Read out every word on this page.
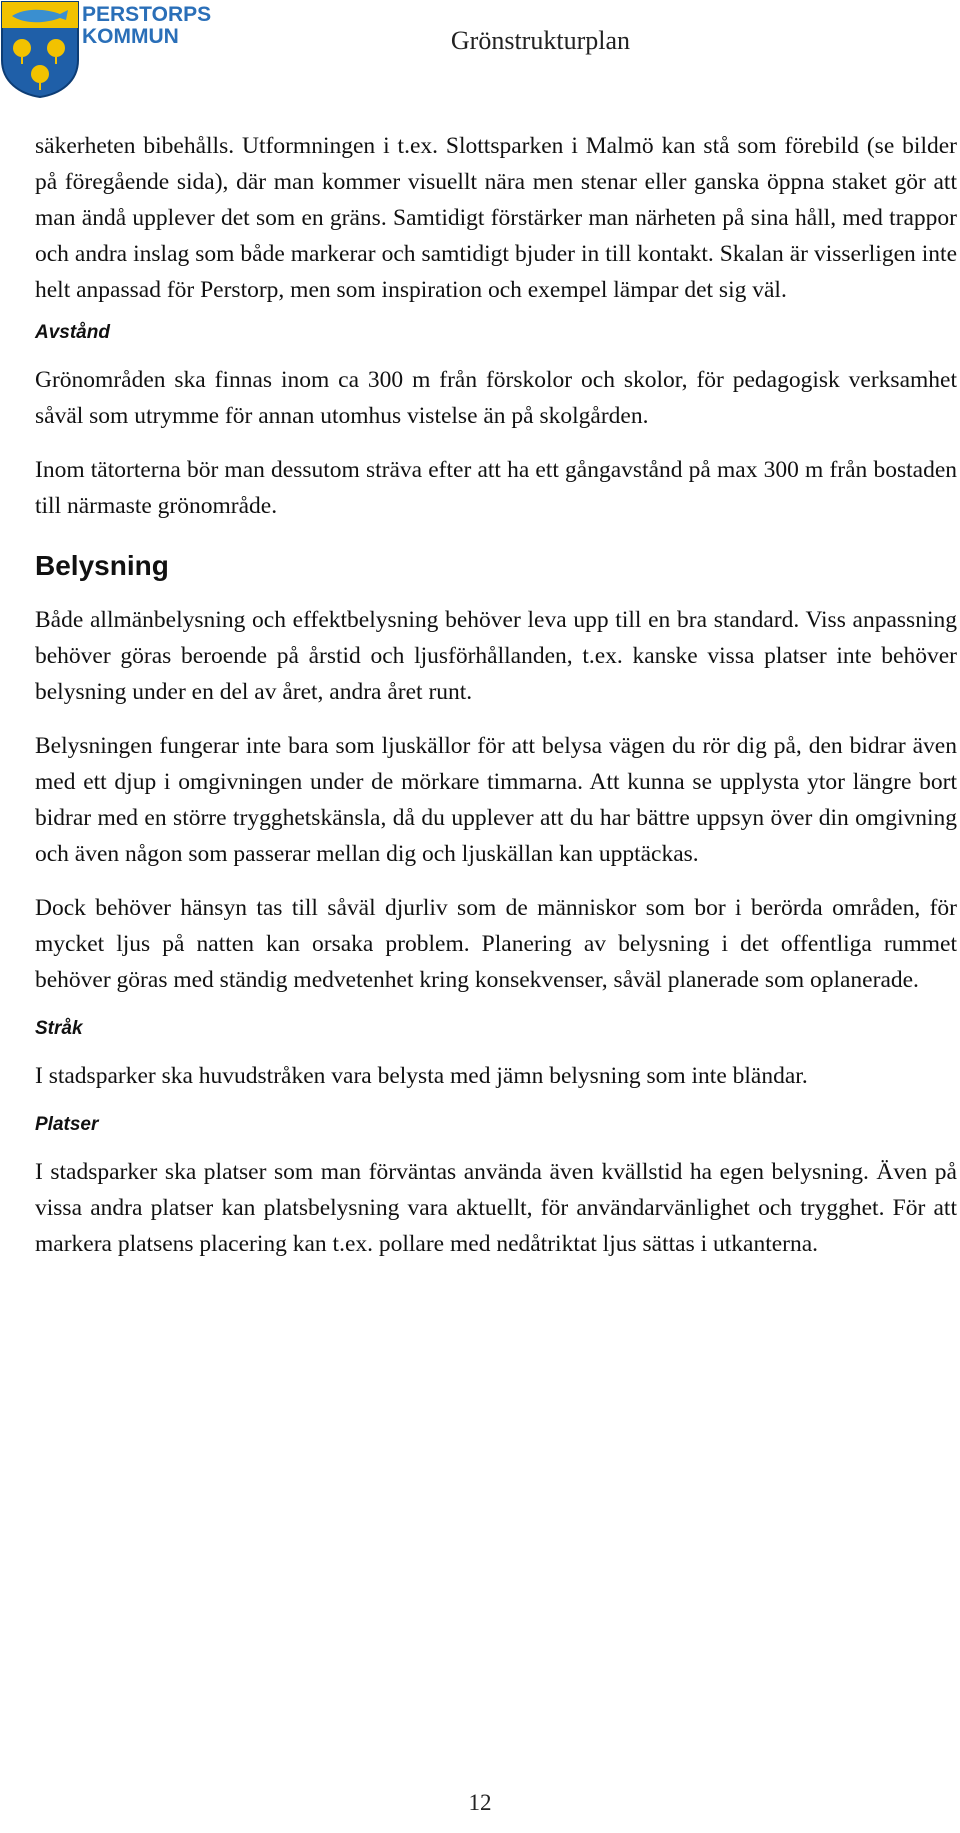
PERSTORPS
KOMMUN	Grönstrukturplan

säkerheten bibehålls. Utformningen i t.ex. Slottsparken i Malmö kan stå som förebild (se bilder på föregående sida), där man kommer visuellt nära men stenar eller ganska öppna staket gör att man ändå upplever det som en gräns. Samtidigt förstärker man närheten på sina håll, med trappor och andra inslag som både markerar och samtidigt bjuder in till kontakt. Skalan är visserligen inte helt anpassad för Perstorp, men som inspiration och exempel lämpar det sig väl.

Avstånd

Grönområden ska finnas inom ca 300 m från förskolor och skolor, för pedagogisk verksamhet såväl som utrymme för annan utomhus vistelse än på skolgården.

Inom tätorterna bör man dessutom sträva efter att ha ett gångavstånd på max 300 m från bostaden till närmaste grönområde.

Belysning

Både allmänbelysning och effektbelysning behöver leva upp till en bra standard. Viss anpassning behöver göras beroende på årstid och ljusförhållanden, t.ex. kanske vissa platser inte behöver belysning under en del av året, andra året runt.

Belysningen fungerar inte bara som ljuskällor för att belysa vägen du rör dig på, den bidrar även med ett djup i omgivningen under de mörkare timmarna. Att kunna se upplysta ytor längre bort bidrar med en större trygghetskänsla, då du upplever att du har bättre uppsyn över din omgivning och även någon som passerar mellan dig och ljuskällan kan upptäckas.

Dock behöver hänsyn tas till såväl djurliv som de människor som bor i berörda områden, för mycket ljus på natten kan orsaka problem. Planering av belysning i det offentliga rummet behöver göras med ständig medvetenhet kring konsekvenser, såväl planerade som oplanerade.

Stråk

I stadsparker ska huvudstråken vara belysta med jämn belysning som inte bländar.

Platser

I stadsparker ska platser som man förväntas använda även kvällstid ha egen belysning. Även på vissa andra platser kan platsbelysning vara aktuellt, för användarvänlighet och trygghet. För att markera platsens placering kan t.ex. pollare med nedåtriktat ljus sättas i utkanterna.

12
